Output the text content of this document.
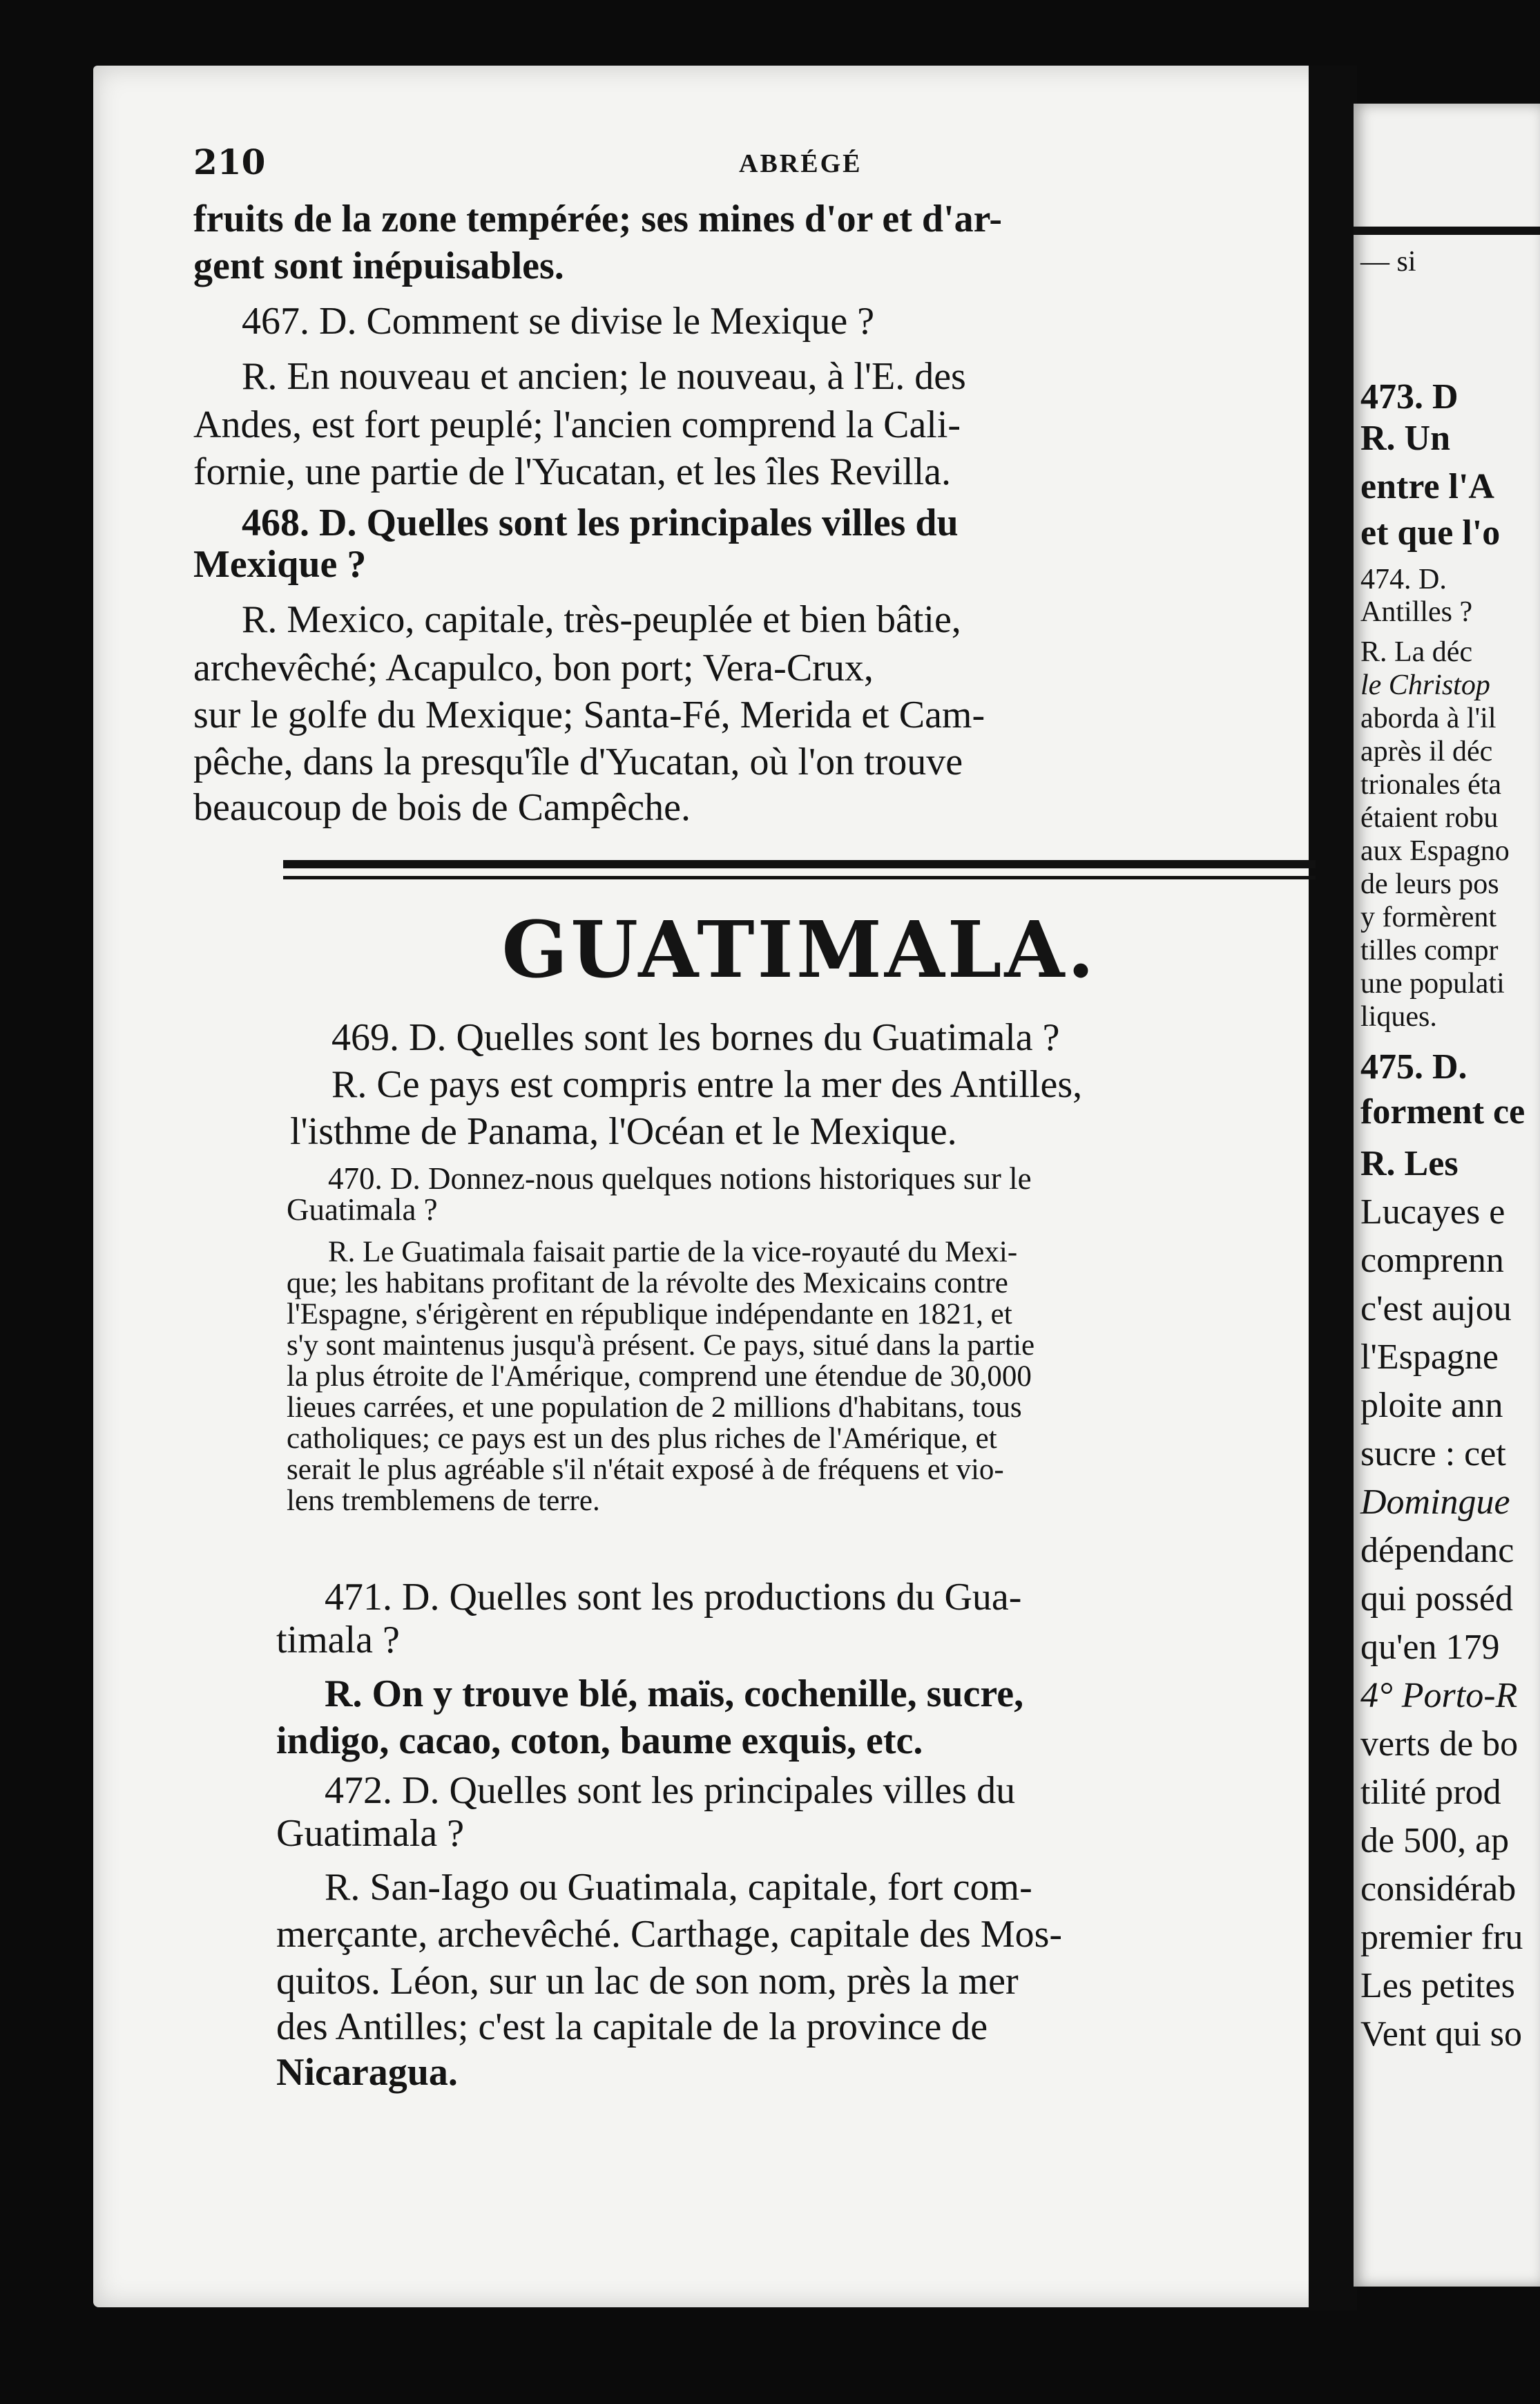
210	ABRÉGÉ
fruits de la zone tempérée; ses mines d'or et d'ar-
gent sont inépuisables.
467. D. Comment se divise le Mexique ?
R. En nouveau et ancien; le nouveau, à l'E. des
Andes, est fort peuplé; l'ancien comprend la Cali-
fornie, une partie de l'Yucatan, et les îles Revilla.
468. D. Quelles sont les principales villes du
Mexique ?
R. Mexico, capitale, très-peuplée et bien bâtie,
archevêché; Acapulco, bon port; Vera-Crux,
sur le golfe du Mexique; Santa-Fé, Merida et Cam-
pêche, dans la presqu'île d'Yucatan, où l'on trouve
beaucoup de bois de Campêche.
GUATIMALA.
469. D. Quelles sont les bornes du Guatimala ?
R. Ce pays est compris entre la mer des Antilles,
l'isthme de Panama, l'Océan et le Mexique.
470. D. Donnez-nous quelques notions historiques sur le
Guatimala ?
R. Le Guatimala faisait partie de la vice-royauté du Mexi-
que; les habitans profitant de la révolte des Mexicains contre
l'Espagne, s'érigèrent en république indépendante en 1821, et
s'y sont maintenus jusqu'à présent. Ce pays, situé dans la partie
la plus étroite de l'Amérique, comprend une étendue de 30,000
lieues carrées, et une population de 2 millions d'habitans, tous
catholiques; ce pays est un des plus riches de l'Amérique, et
serait le plus agréable s'il n'était exposé à de fréquens et vio-
lens tremblemens de terre.
471. D. Quelles sont les productions du Gua-
timala ?
R. On y trouve blé, maïs, cochenille, sucre,
indigo, cacao, coton, baume exquis, etc.
472. D. Quelles sont les principales villes du
Guatimala ?
R. San-Iago ou Guatimala, capitale, fort com-
merçante, archevêché. Carthage, capitale des Mos-
quitos. Léon, sur un lac de son nom, près la mer
des Antilles; c'est la capitale de la province de
Nicaragua.
— si
473. D
R. Un
entre l'A
et que l'o
474. D.
Antilles ?
R. La déc
le Christop
aborda à l'il
après il déc
trionales éta
étaient robu
aux Espagno
de leurs pos
y formèrent
tilles compr
une populati
liques.
475. D.
forment ce
R. Les
Lucayes e
comprenn
c'est aujou
l'Espagne
ploite ann
sucre : cet
Domingue
dépendanc
qui posséd
qu'en 179
4° Porto-R
verts de bo
tilité prod
de 500, ap
considérab
premier fru
Les petites
Vent qui so
